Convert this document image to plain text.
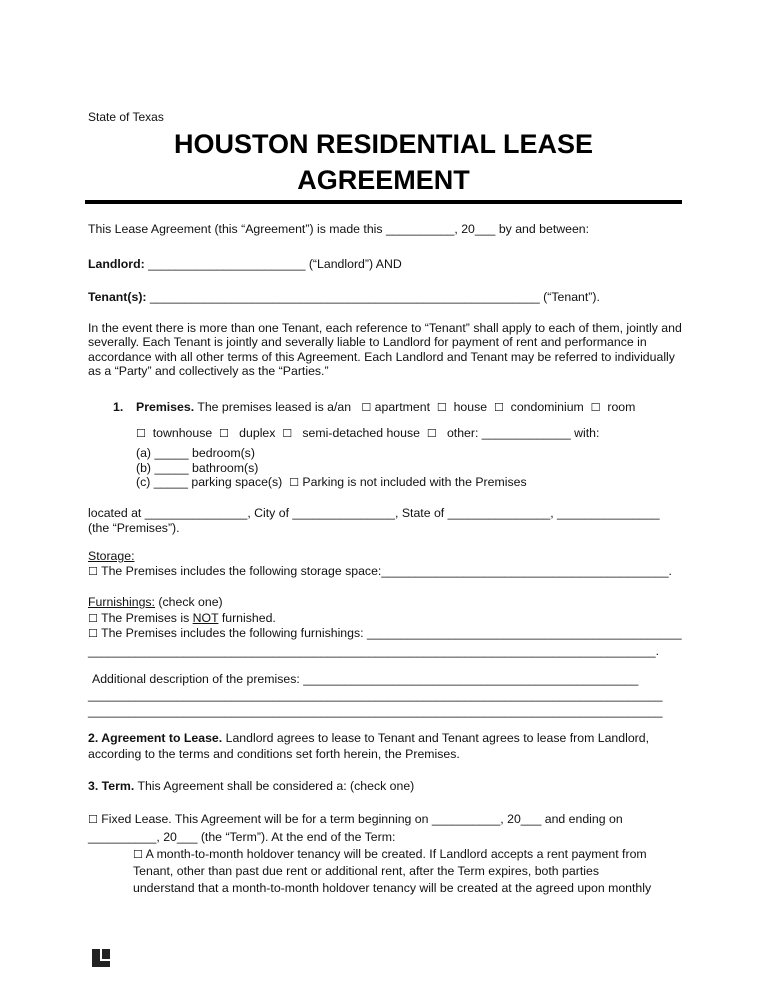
State of Texas
HOUSTON RESIDENTIAL LEASE
AGREEMENT
This Lease Agreement (this “Agreement”) is made this __________, 20___ by and between:
Landlord: _______________________ (“Landlord”) AND
Tenant(s): _________________________________________________________ (“Tenant”).
In the event there is more than one Tenant, each reference to “Tenant” shall apply to each of them, jointly and severally. Each Tenant is jointly and severally liable to Landlord for payment of rent and performance in accordance with all other terms of this Agreement. Each Landlord and Tenant may be referred to individually as a “Party” and collectively as the “Parties.”
1. Premises. The premises leased is a/an ☐ apartment ☐ house ☐ condominium ☐ room
☐ townhouse ☐ duplex ☐ semi-detached house ☐ other: _____________ with:
(a) _____ bedroom(s)
(b) _____ bathroom(s)
(c) _____ parking space(s) ☐ Parking is not included with the Premises
located at _______________, City of _______________, State of _______________, _______________
(the “Premises”).
Storage:
☐ The Premises includes the following storage space:__________________________________________.
Furnishings: (check one)
☐ The Premises is NOT furnished.
☐ The Premises includes the following furnishings: ______________________________________________
___________________________________________________________________________________.
Additional description of the premises: _________________________________________________
____________________________________________________________________________________
____________________________________________________________________________________
2. Agreement to Lease. Landlord agrees to lease to Tenant and Tenant agrees to lease from Landlord,
according to the terms and conditions set forth herein, the Premises.
3. Term. This Agreement shall be considered a: (check one)
☐ Fixed Lease. This Agreement will be for a term beginning on __________, 20___ and ending on
__________, 20___ (the “Term”). At the end of the Term:
☐ A month-to-month holdover tenancy will be created. If Landlord accepts a rent payment from
Tenant, other than past due rent or additional rent, after the Term expires, both parties
understand that a month-to-month holdover tenancy will be created at the agreed upon monthly
